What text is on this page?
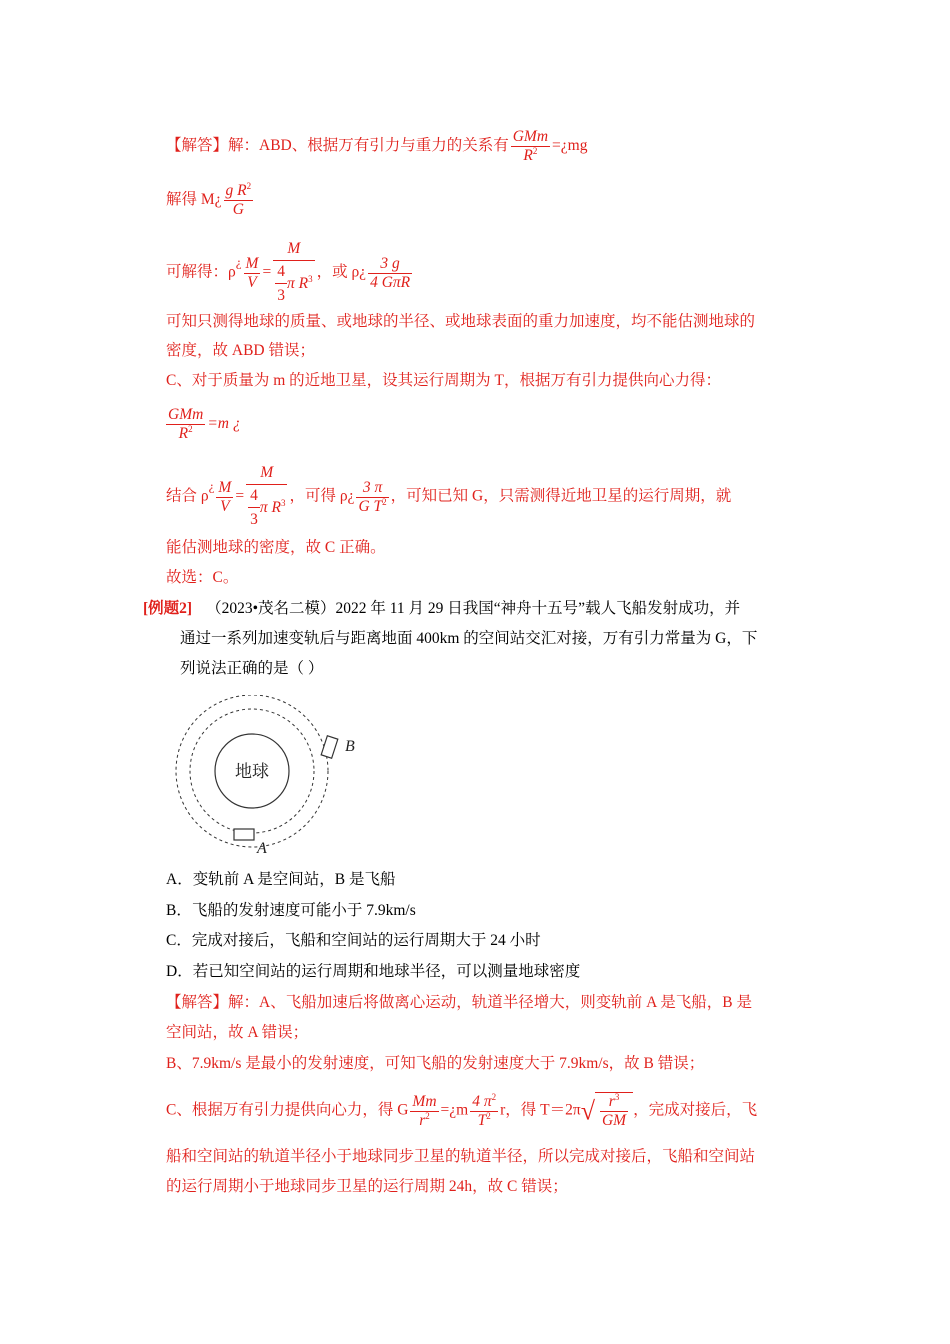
【解答】解：ABD、根据万有引力与重力的关系有 $\frac{\text{GMm}}{R^2}$ =¿mg
解得 M¿ $\frac{g R^2}{G}$
可解得：$\rho^¿ \frac{M}{V} = \frac{M}{\frac{4}{3} \pi R^3}$ ，或 ρ¿ $\frac{3 g}{\text{4 GπR}}$
可知只测得地球的质量、或地球的半径、或地球表面的重力加速度，均不能估测地球的
密度，故 ABD 错误；
C、对于质量为 m 的近地卫星，设其运行周期为 T，根据万有引力提供向心力得：
$\frac{\text{GMm}}{R^2} =m$ ¿
结合 $\rho^¿ \frac{M}{V} = \frac{M}{\frac{4}{3} \pi R^3}$ ，可得 ρ¿ $\frac{3 \pi}{G T^2}$ ，可知已知 G，只需测得近地卫星的运行周期，就
能估测地球的密度，故 C 正确。
故选：C。
[例题2] （2023•茂名二模）2022 年 11 月 29 日我国“神舟十五号”载人飞船发射成功，并
通过一系列加速变轨后与距离地面 400km 的空间站交汇对接，万有引力常量为 G，下
列说法正确的是（ ）
地球
A
B
A．变轨前 A 是空间站，B 是飞船
B．飞船的发射速度可能小于 7.9km/s
C．完成对接后，飞船和空间站的运行周期大于 24 小时
D．若已知空间站的运行周期和地球半径，可以测量地球密度
【解答】解：A、飞船加速后将做离心运动，轨道半径增大，则变轨前 A 是飞船，B 是
空间站，故 A 错误；
B、7.9km/s 是最小的发射速度，可知飞船的发射速度大于 7.9km/s，故 B 错误；
C、根据万有引力提供向心力，得 G $\frac{Mm}{r^2}$ =¿m $\frac{4 \pi^2}{T^2}$ r，得 $T=2\pi√ \frac{r^3}{GM}$ ，完成对接后，飞
船和空间站的轨道半径小于地球同步卫星的轨道半径，所以完成对接后，飞船和空间站
的运行周期小于地球同步卫星的运行周期 24h，故 C 错误；
